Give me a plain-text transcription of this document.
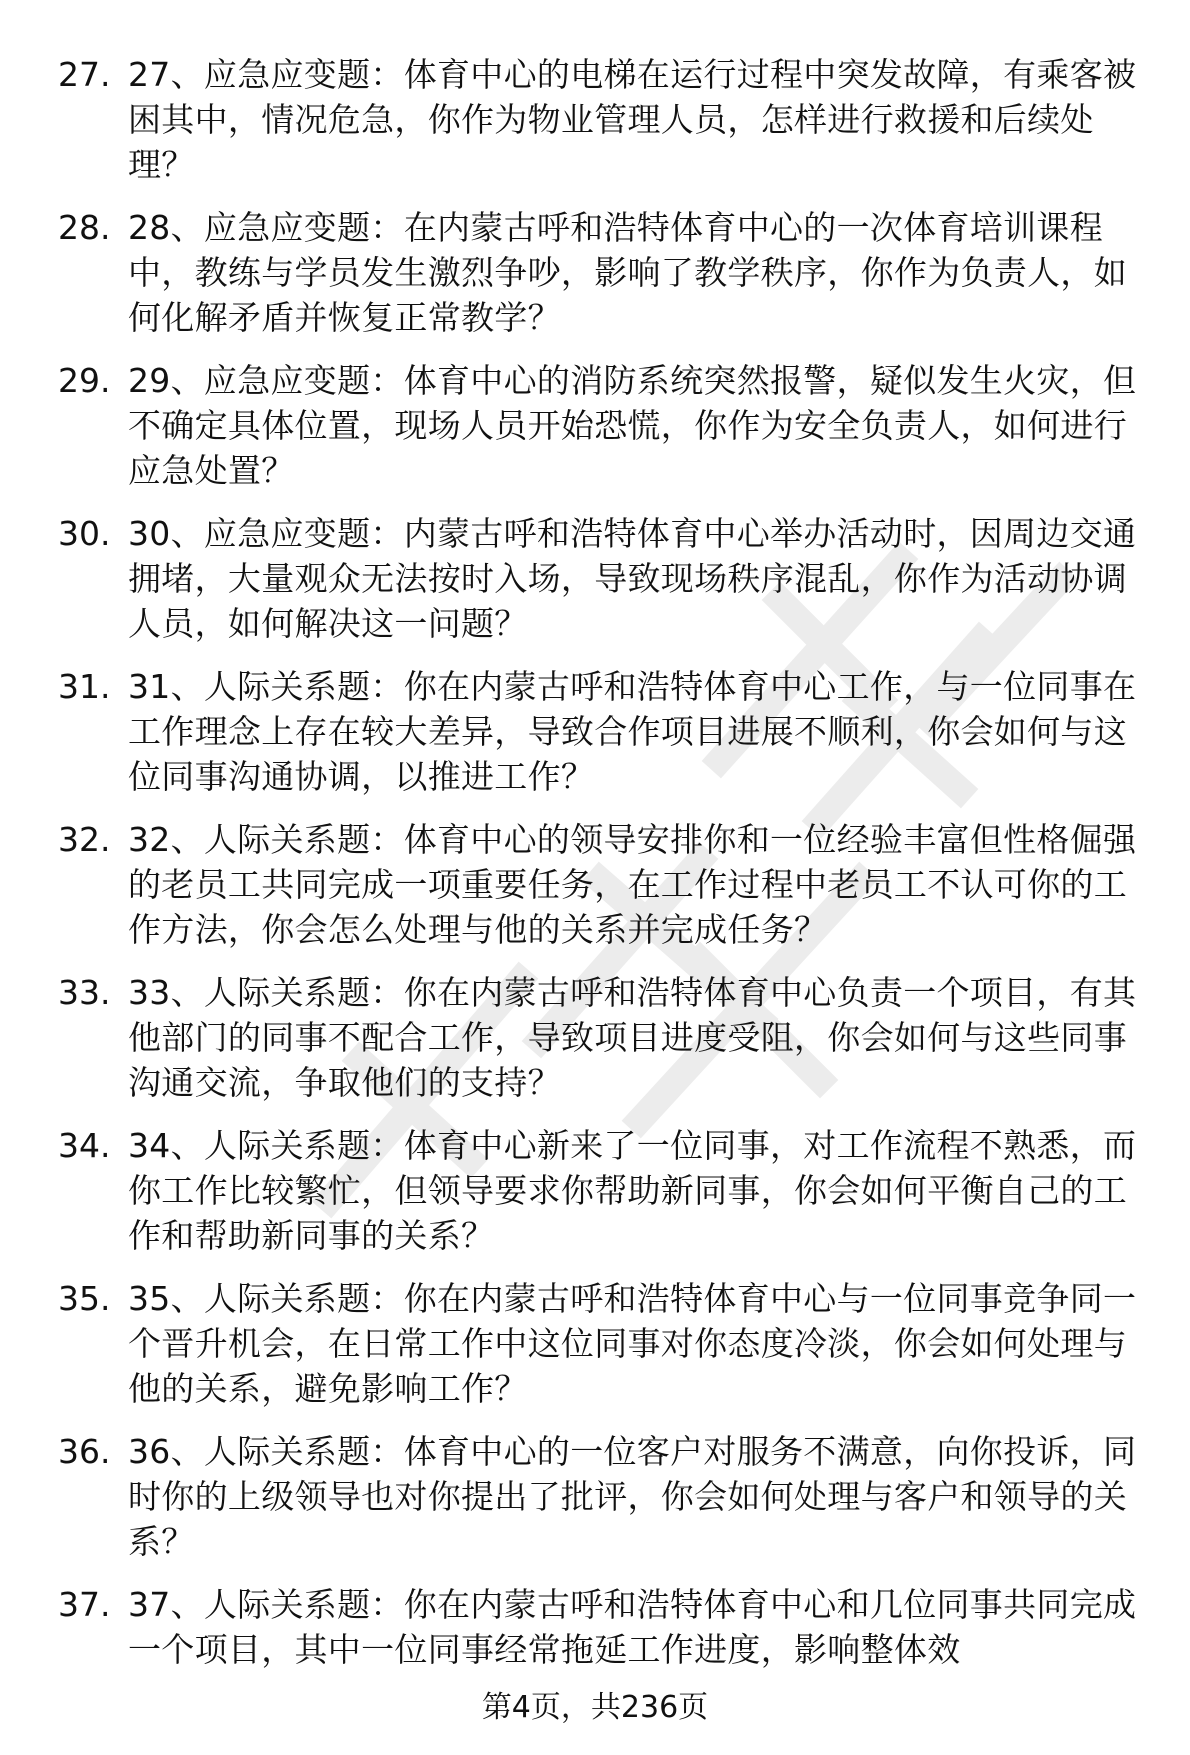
27. 27、应急应变题：体育中心的电梯在运行过程中突发故障，有乘客被困其中，情况危急，你作为物业管理人员，怎样进行救援和后续处理？
28. 28、应急应变题：在内蒙古呼和浩特体育中心的一次体育培训课程中，教练与学员发生激烈争吵，影响了教学秩序，你作为负责人，如何化解矛盾并恢复正常教学？
29. 29、应急应变题：体育中心的消防系统突然报警，疑似发生火灾，但不确定具体位置，现场人员开始恐慌，你作为安全负责人，如何进行应急处置？
30. 30、应急应变题：内蒙古呼和浩特体育中心举办活动时，因周边交通拥堵，大量观众无法按时入场，导致现场秩序混乱，你作为活动协调人员，如何解决这一问题？
31. 31、人际关系题：你在内蒙古呼和浩特体育中心工作，与一位同事在工作理念上存在较大差异，导致合作项目进展不顺利，你会如何与这位同事沟通协调，以推进工作？
32. 32、人际关系题：体育中心的领导安排你和一位经验丰富但性格倔强的老员工共同完成一项重要任务，在工作过程中老员工不认可你的工作方法，你会怎么处理与他的关系并完成任务？
33. 33、人际关系题：你在内蒙古呼和浩特体育中心负责一个项目，有其他部门的同事不配合工作，导致项目进度受阻，你会如何与这些同事沟通交流，争取他们的支持？
34. 34、人际关系题：体育中心新来了一位同事，对工作流程不熟悉，而你工作比较繁忙，但领导要求你帮助新同事，你会如何平衡自己的工作和帮助新同事的关系？
35. 35、人际关系题：你在内蒙古呼和浩特体育中心与一位同事竞争同一个晋升机会，在日常工作中这位同事对你态度冷淡，你会如何处理与他的关系，避免影响工作？
36. 36、人际关系题：体育中心的一位客户对服务不满意，向你投诉，同时你的上级领导也对你提出了批评，你会如何处理与客户和领导的关系？
37. 37、人际关系题：你在内蒙古呼和浩特体育中心和几位同事共同完成一个项目，其中一位同事经常拖延工作进度，影响整体效
第4页，共236页
